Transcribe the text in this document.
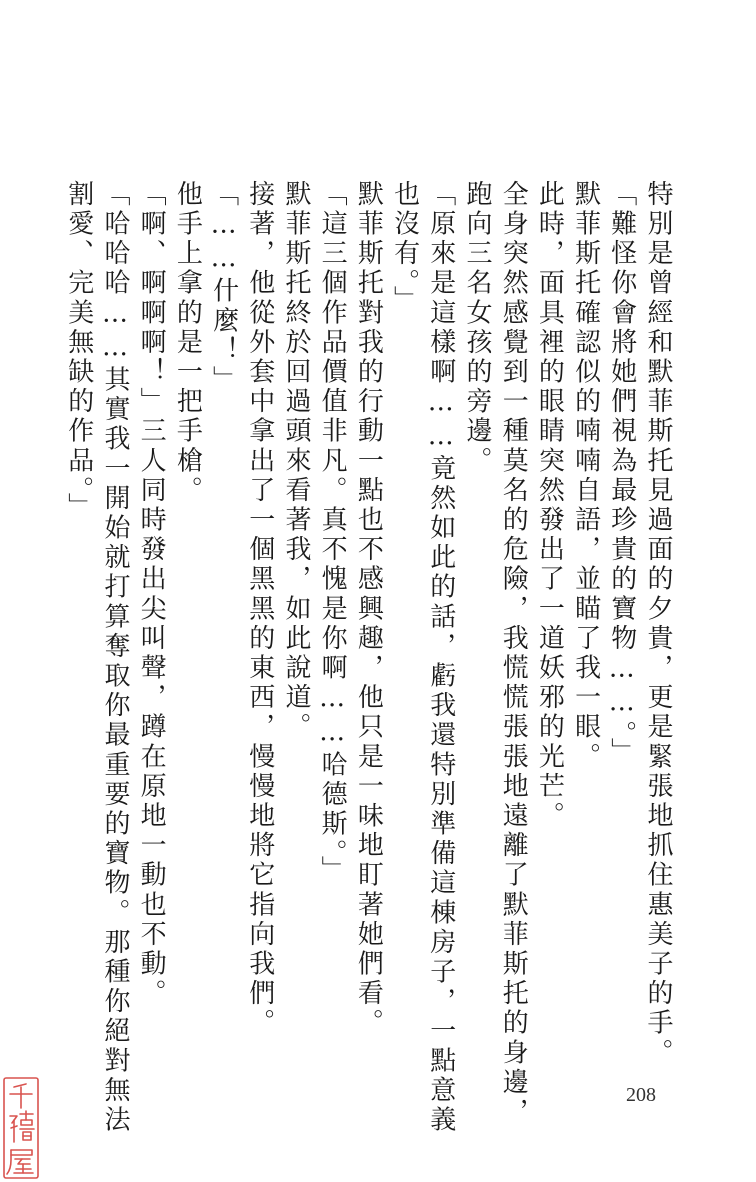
特別是曾經和默菲斯托見過面的夕貴，更是緊張地抓住惠美子的手。
「難怪你會將她們視為最珍貴的寶物……。」
默菲斯托確認似的喃喃自語，並瞄了我一眼。
此時，面具裡的眼睛突然發出了一道妖邪的光芒。
全身突然感覺到一種莫名的危險，我慌慌張張地遠離了默菲斯托的身邊，
跑向三名女孩的旁邊。
「原來是這樣啊……竟然如此的話，虧我還特別準備這棟房子，一點意義
也沒有。」
默菲斯托對我的行動一點也不感興趣，他只是一味地盯著她們看。
「這三個作品價值非凡。真不愧是你啊……哈德斯。」
默菲斯托終於回過頭來看著我，如此說道。
接著，他從外套中拿出了一個黑黑的東西，慢慢地將它指向我們。
「……什麼！」
他手上拿的是一把手槍。
「啊、啊啊啊！」三人同時發出尖叫聲，蹲在原地一動也不動。
「哈哈哈……其實我一開始就打算奪取你最重要的寶物。那種你絕對無法
割愛、完美無缺的作品。」
208
